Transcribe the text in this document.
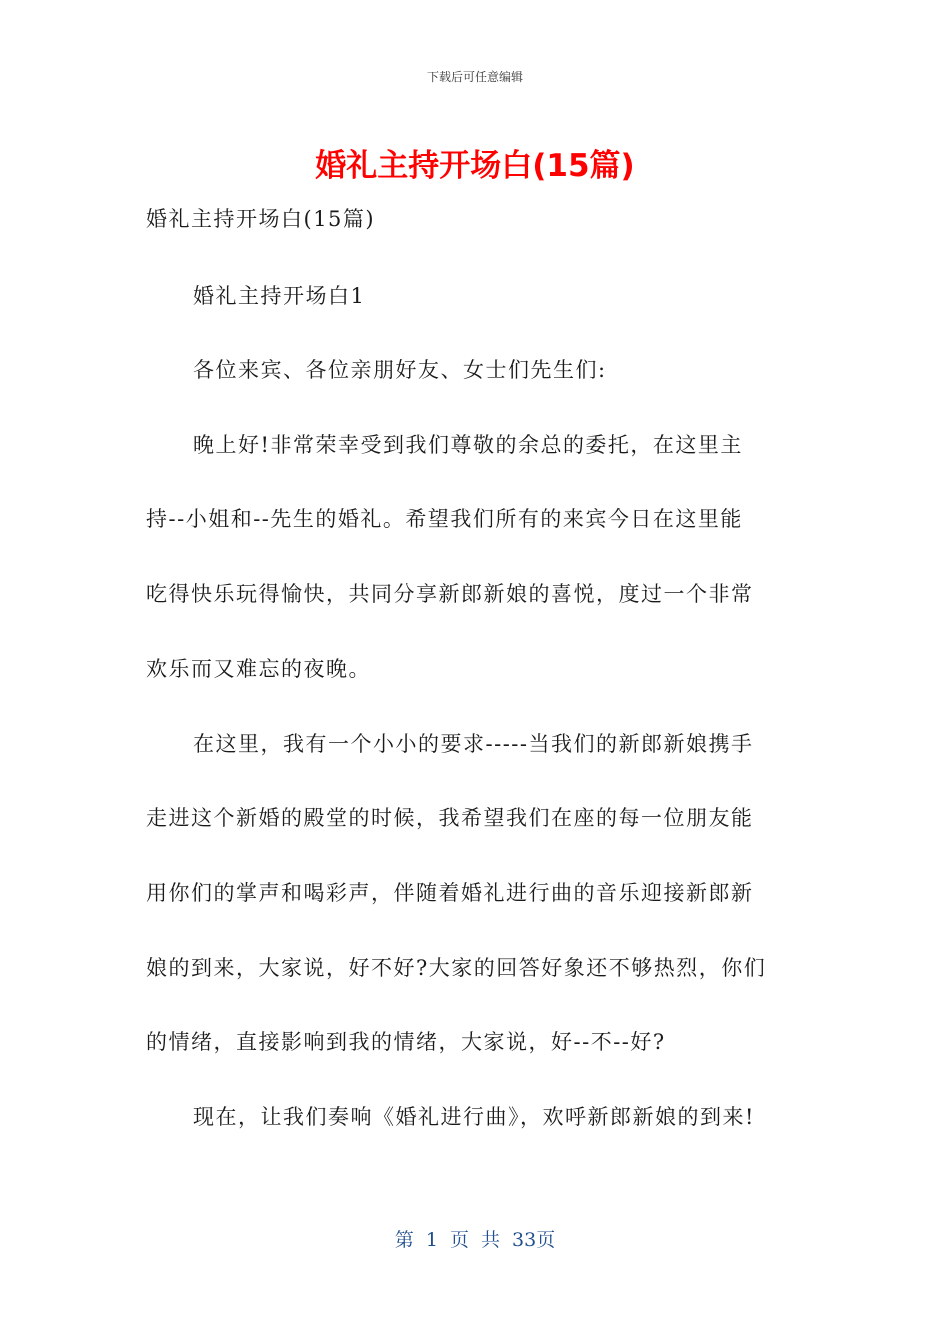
下载后可任意编辑
婚礼主持开场白(15篇)
婚礼主持开场白(15篇)
婚礼主持开场白1
各位来宾、各位亲朋好友、女士们先生们:
晚上好!非常荣幸受到我们尊敬的余总的委托，在这里主
持--小姐和--先生的婚礼。希望我们所有的来宾今日在这里能
吃得快乐玩得愉快，共同分享新郎新娘的喜悦，度过一个非常
欢乐而又难忘的夜晚。
在这里，我有一个小小的要求-----当我们的新郎新娘携手
走进这个新婚的殿堂的时候，我希望我们在座的每一位朋友能
用你们的掌声和喝彩声，伴随着婚礼进行曲的音乐迎接新郎新
娘的到来，大家说，好不好?大家的回答好象还不够热烈，你们
的情绪，直接影响到我的情绪，大家说，好--不--好?
现在，让我们奏响《婚礼进行曲》，欢呼新郎新娘的到来!
第 1 页 共 33页
